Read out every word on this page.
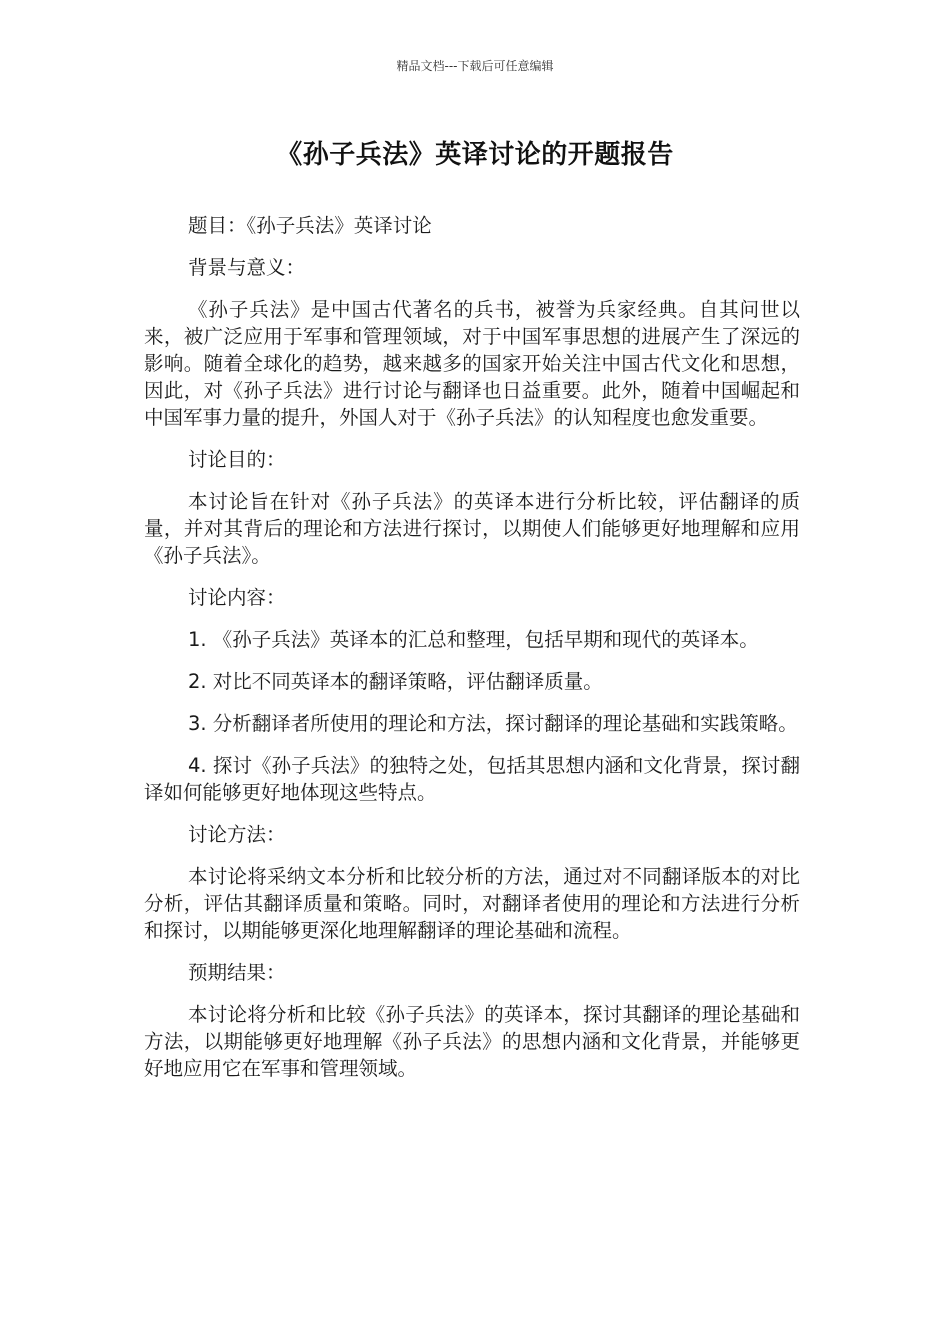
精品文档---下载后可任意编辑
《孙子兵法》英译讨论的开题报告

题目：《孙子兵法》英译讨论

背景与意义：

《孙子兵法》是中国古代著名的兵书，被誉为兵家经典。自其问世以来，被广泛应用于军事和管理领域，对于中国军事思想的进展产生了深远的影响。随着全球化的趋势，越来越多的国家开始关注中国古代文化和思想，因此，对《孙子兵法》进行讨论与翻译也日益重要。此外，随着中国崛起和中国军事力量的提升，外国人对于《孙子兵法》的认知程度也愈发重要。

讨论目的：

本讨论旨在针对《孙子兵法》的英译本进行分析比较，评估翻译的质量，并对其背后的理论和方法进行探讨，以期使人们能够更好地理解和应用《孙子兵法》。

讨论内容：

1. 《孙子兵法》英译本的汇总和整理，包括早期和现代的英译本。

2. 对比不同英译本的翻译策略，评估翻译质量。

3. 分析翻译者所使用的理论和方法，探讨翻译的理论基础和实践策略。

4. 探讨《孙子兵法》的独特之处，包括其思想内涵和文化背景，探讨翻译如何能够更好地体现这些特点。

讨论方法：

本讨论将采纳文本分析和比较分析的方法，通过对不同翻译版本的对比分析，评估其翻译质量和策略。同时，对翻译者使用的理论和方法进行分析和探讨，以期能够更深化地理解翻译的理论基础和流程。

预期结果：

本讨论将分析和比较《孙子兵法》的英译本，探讨其翻译的理论基础和方法，以期能够更好地理解《孙子兵法》的思想内涵和文化背景，并能够更好地应用它在军事和管理领域。
